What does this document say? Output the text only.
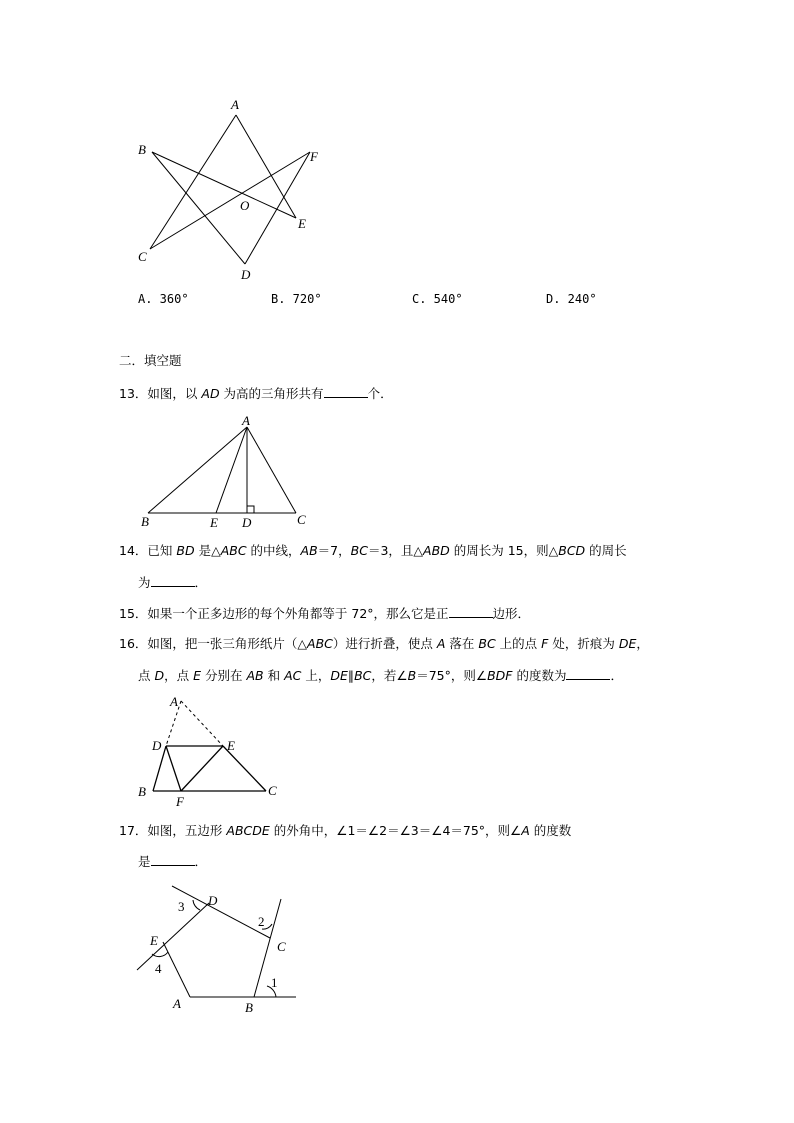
A
B
C
D
E
F
O
A. 360°	B. 720°	C. 540°	D. 240°
二．填空题
13．如图，以 AD 为高的三角形共有	个．
A
B	E D	C
14．已知 BD 是△ABC 的中线，AB＝7，BC＝3，且△ABD 的周长为 15，则△BCD 的周长
为	．
15．如果一个正多边形的每个外角都等于 72°，那么它是正	边形．
16．如图，把一张三角形纸片（△ABC）进行折叠，使点 A 落在 BC 上的点 F 处，折痕为 DE，
点 D，点 E 分别在 AB 和 AC 上，DE∥BC，若∠B＝75°，则∠BDF 的度数为	．
A
D	E
B
F
C
17．如图，五边形 ABCDE 的外角中，∠1＝∠2＝∠3＝∠4＝75°，则∠A 的度数
是	．
A	B
C
D
E
1
2
3
4
